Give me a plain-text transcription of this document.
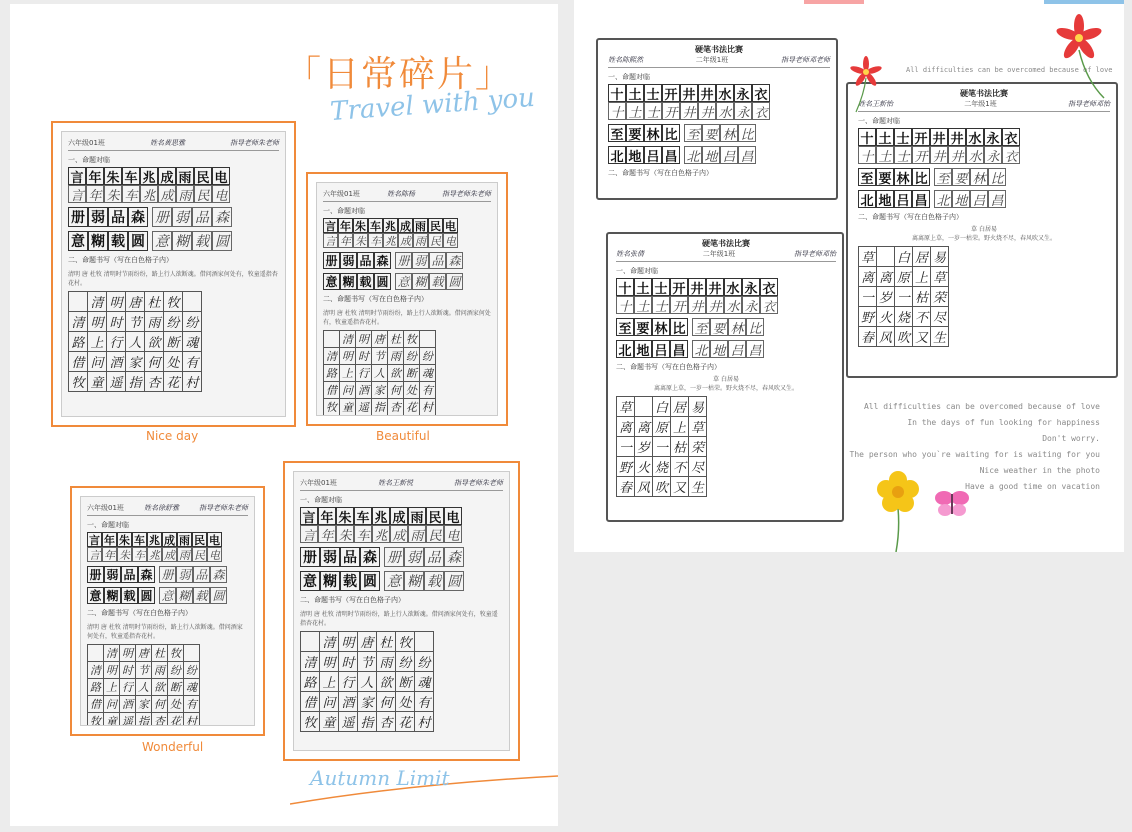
「日常碎片」
Travel with you
六年级01班	姓名黄思雅	指导老师朱老师
一、命题对临
言 年 朱 车 兆 成 雨 民 电
言 年 朱 车 兆 成 雨 民 电
册 弱 品 森 册 弱 品 森
意 糊 载 圆 意 糊 载 圆
二、命题书写（写在白色格子内）
清明 唐 杜牧 清明时节雨纷纷，路上行人欲断魂。借问酒家何处有，牧童遥指杏花村。
	清	明	唐	杜	牧	
清	明	时	节	雨	纷	纷
路	上	行	人	欲	断	魂
借	问	酒	家	何	处	有
牧	童	遥	指	杏	花	村
Nice day
六年级01班	姓名陈杨	指导老师朱老师
一、命题对临
言 年 朱 车 兆 成 雨 民 电
言 年 朱 车 兆 成 雨 民 电
册 弱 品 森 册 弱 品 森
意 糊 载 圆 意 糊 载 圆
二、命题书写（写在白色格子内）
清明 唐 杜牧 清明时节雨纷纷，路上行人欲断魂。借问酒家何处有，牧童遥指杏花村。
	清	明	唐	杜	牧	
清	明	时	节	雨	纷	纷
路	上	行	人	欲	断	魂
借	问	酒	家	何	处	有
牧	童	遥	指	杏	花	村
Beautiful
六年级01班	姓名徐舒雅	指导老师朱老师
一、命题对临
言 年 朱 车 兆 成 雨 民 电
言 年 朱 车 兆 成 雨 民 电
册 弱 品 森 册 弱 品 森
意 糊 载 圆 意 糊 载 圆
二、命题书写（写在白色格子内）
清明 唐 杜牧 清明时节雨纷纷，路上行人欲断魂。借问酒家何处有，牧童遥指杏花村。
	清	明	唐	杜	牧	
清	明	时	节	雨	纷	纷
路	上	行	人	欲	断	魂
借	问	酒	家	何	处	有
牧	童	遥	指	杏	花	村
Wonderful
六年级01班	姓名王新悦	指导老师朱老师
一、命题对临
言 年 朱 车 兆 成 雨 民 电
言 年 朱 车 兆 成 雨 民 电
册 弱 品 森 册 弱 品 森
意 糊 载 圆 意 糊 载 圆
二、命题书写（写在白色格子内）
清明 唐 杜牧 清明时节雨纷纷，路上行人欲断魂。借问酒家何处有，牧童遥指杏花村。
	清	明	唐	杜	牧	
清	明	时	节	雨	纷	纷
路	上	行	人	欲	断	魂
借	问	酒	家	何	处	有
牧	童	遥	指	杏	花	村
Autumn Limit
All difficulties can be overcomed because of love
硬笔书法比赛
姓名陈熙然	二年级1班	指导老师邓老师
一、命题对临
十 土 士 开 井 井 水 永 衣
十 土 士 开 井 井 水 永 衣
至 要 林 比 至 要 林 比
北 地 吕 昌 北 地 吕 昌
二、命题书写（写在白色格子内）
硬笔书法比赛
姓名王新怡	二年级1班	指导老师邓怡
一、命题对临
十 土 士 开 井 井 水 永 衣
十 土 士 开 井 井 水 永 衣
至 要 林 比 至 要 林 比
北 地 吕 昌 北 地 吕 昌
二、命题书写（写在白色格子内）
草 白居易
离离原上草，一岁一枯荣。野火烧不尽，春风吹又生。
草		白	居	易
离	离	原	上	草
一	岁	一	枯	荣
野	火	烧	不	尽
春	风	吹	又	生
硬笔书法比赛
姓名张倩	二年级1班	指导老师邓怡
一、命题对临
十 土 士 开 井 井 水 永 衣
十 土 士 开 井 井 水 永 衣
至 要 林 比 至 要 林 比
北 地 吕 昌 北 地 吕 昌
二、命题书写（写在白色格子内）
草 白居易
离离原上草，一岁一枯荣。野火烧不尽，春风吹又生。
草		白	居	易
离	离	原	上	草
一	岁	一	枯	荣
野	火	烧	不	尽
春	风	吹	又	生
All difficulties can be overcomed because of love
In the days of fun looking for happiness
Don't worry.
The person who you`re waiting for is waiting for you
Nice weather in the photo
Have a good time on vacation
